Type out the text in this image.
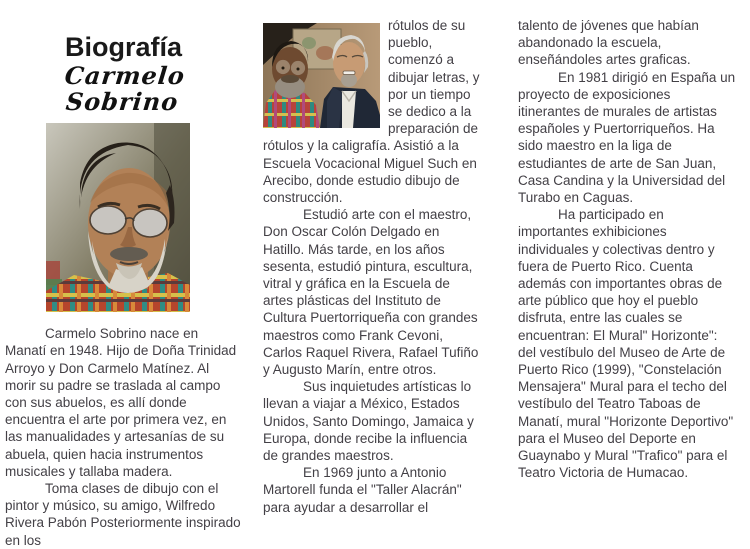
Biografía
Carmelo Sobrino

Carmelo Sobrino nace en Manatí en 1948. Hijo de Doña Trinidad Arroyo y Don Carmelo Matínez. Al morir su padre se traslada al campo con sus abuelos, es allí donde encuentra el arte por primera vez, en las manualidades y artesanías de su abuela, quien hacia instrumentos musicales y tallaba madera.

Toma clases de dibujo con el pintor y músico, su amigo, Wilfredo Rivera Pabón Posteriormente inspirado en los

rótulos de su pueblo, comenzó a dibujar letras, y por un tiempo se dedico a la preparación de rótulos y la caligrafía. Asistió a la Escuela Vocacional Miguel Such en Arecibo, donde estudio dibujo de construcción.

Estudió arte con el maestro, Don Oscar Colón Delgado en Hatillo. Más tarde, en los años sesenta, estudió pintura, escultura, vitral y gráfica en la Escuela de artes plásticas del Instituto de Cultura Puertorriqueña con grandes maestros como Frank Cevoni, Carlos Raquel Rivera, Rafael Tufiño y Augusto Marín, entre otros.

Sus inquietudes artísticas lo llevan a viajar a México, Estados Unidos, Santo Domingo, Jamaica y Europa, donde recibe la influencia de grandes maestros.

En 1969 junto a Antonio Martorell funda el "Taller Alacrán" para ayudar a desarrollar el

talento de jóvenes que habían abandonado la escuela, enseñándoles artes graficas.

En 1981 dirigió en España un proyecto de exposiciones itinerantes de murales de artistas españoles y Puertorriqueños. Ha sido maestro en la liga de estudiantes de arte de San Juan, Casa Candina y la Universidad del Turabo en Caguas.

Ha participado en importantes exhibiciones individuales y colectivas dentro y fuera de Puerto Rico. Cuenta además con importantes obras de arte público que hoy el pueblo disfruta, entre las cuales se encuentran: El Mural" Horizonte": del vestíbulo del Museo de Arte de Puerto Rico (1999), "Constelación Mensajera" Mural para el techo del vestíbulo del Teatro Taboas de Manatí, mural "Horizonte Deportivo" para el Museo del Deporte en Guaynabo y Mural "Trafico" para el Teatro Victoria de Humacao.
